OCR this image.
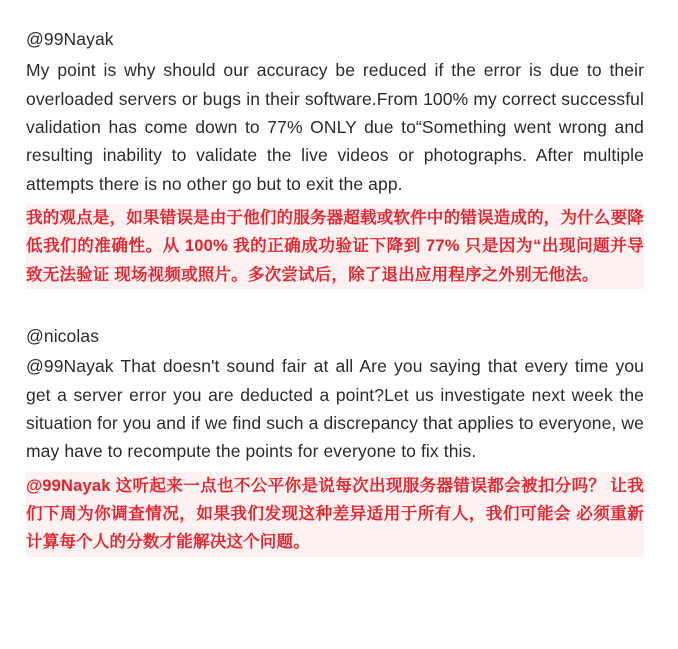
@99Nayak

My point is why should our accuracy be reduced if the error is due to their overloaded servers or bugs in their software.From 100% my correct successful validation has come down to 77% ONLY due to“Something went wrong and resulting inability to validate the live videos or photographs. After multiple attempts there is no other go but to exit the app.

我的观点是，如果错误是由于他们的服务器超载或软件中的错误造成的，为什么要降低我们的准确性。从 100% 我的正确成功验证下降到 77% 只是因为“出现问题并导致无法验证 现场视频或照片。多次尝试后，除了退出应用程序之外别无他法。

@nicolas

@99Nayak That doesn't sound fair at all Are you saying that every time you get a server error you are deducted a point?Let us investigate next week the situation for you and if we find such a discrepancy that applies to everyone, we may have to recompute the points for everyone to fix this.

@99Nayak 这听起来一点也不公平你是说每次出现服务器错误都会被扣分吗？ 让我们下周为你调查情况，如果我们发现这种差异适用于所有人，我们可能会 必须重新计算每个人的分数才能解决这个问题。
